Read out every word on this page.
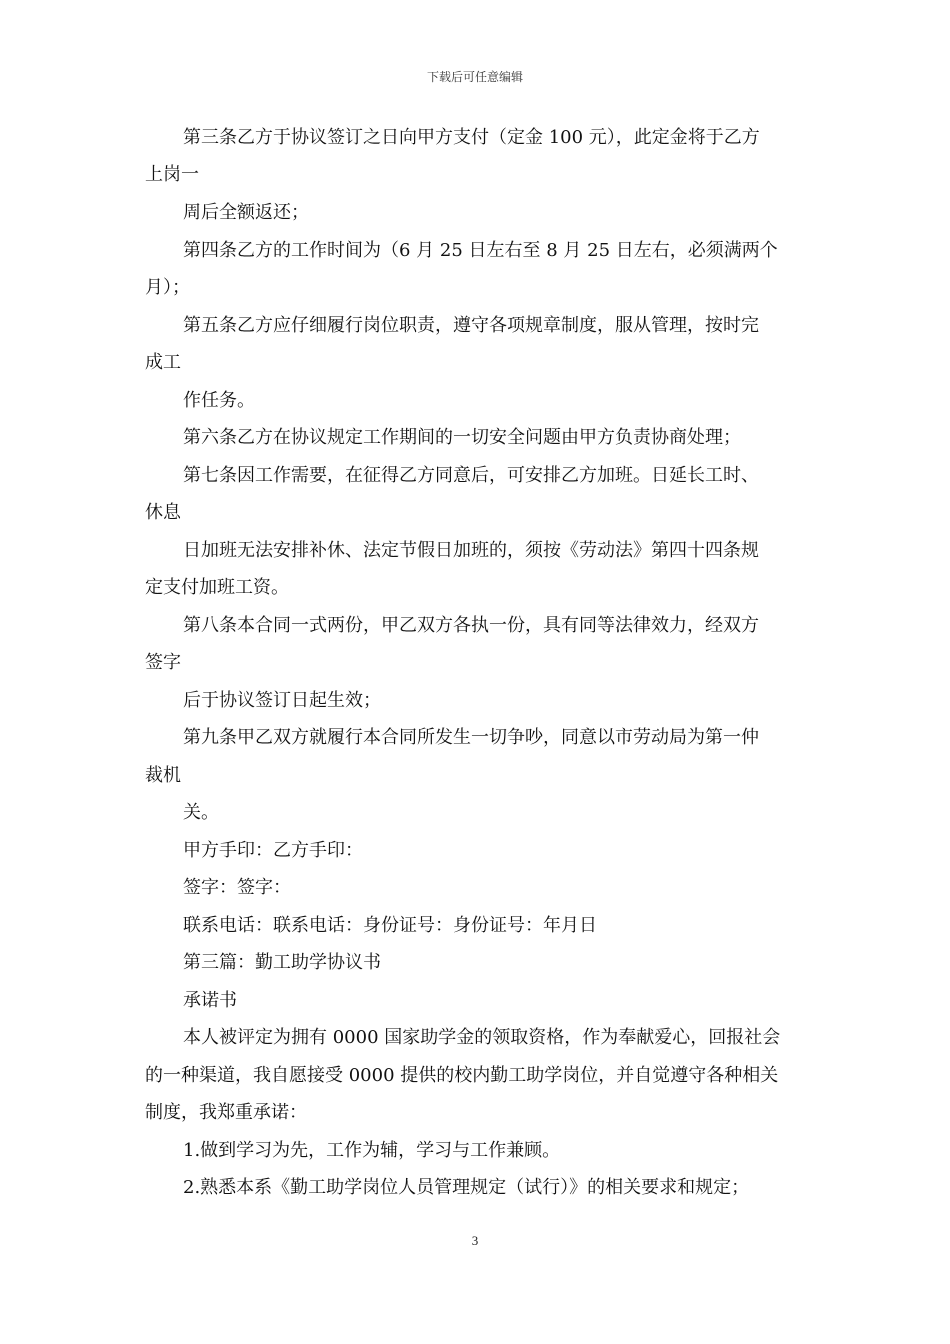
下载后可任意编辑
第三条乙方于协议签订之日向甲方支付（定金 100 元），此定金将于乙方
上岗一
周后全额返还；
第四条乙方的工作时间为（6 月 25 日左右至 8 月 25 日左右，必须满两个
月）；
第五条乙方应仔细履行岗位职责，遵守各项规章制度，服从管理，按时完
成工
作任务。
第六条乙方在协议规定工作期间的一切安全问题由甲方负责协商处理；
第七条因工作需要，在征得乙方同意后，可安排乙方加班。日延长工时、
休息
日加班无法安排补休、法定节假日加班的，须按《劳动法》第四十四条规
定支付加班工资。
第八条本合同一式两份，甲乙双方各执一份，具有同等法律效力，经双方
签字
后于协议签订日起生效；
第九条甲乙双方就履行本合同所发生一切争吵，同意以市劳动局为第一仲
裁机
关。
甲方手印：乙方手印：
签字：签字：
联系电话：联系电话：身份证号：身份证号：年月日
第三篇：勤工助学协议书
承诺书
本人被评定为拥有 0000 国家助学金的领取资格，作为奉献爱心，回报社会
的一种渠道，我自愿接受 0000 提供的校内勤工助学岗位，并自觉遵守各种相关
制度，我郑重承诺：
1.做到学习为先，工作为辅，学习与工作兼顾。
2.熟悉本系《勤工助学岗位人员管理规定（试行）》的相关要求和规定；
3
